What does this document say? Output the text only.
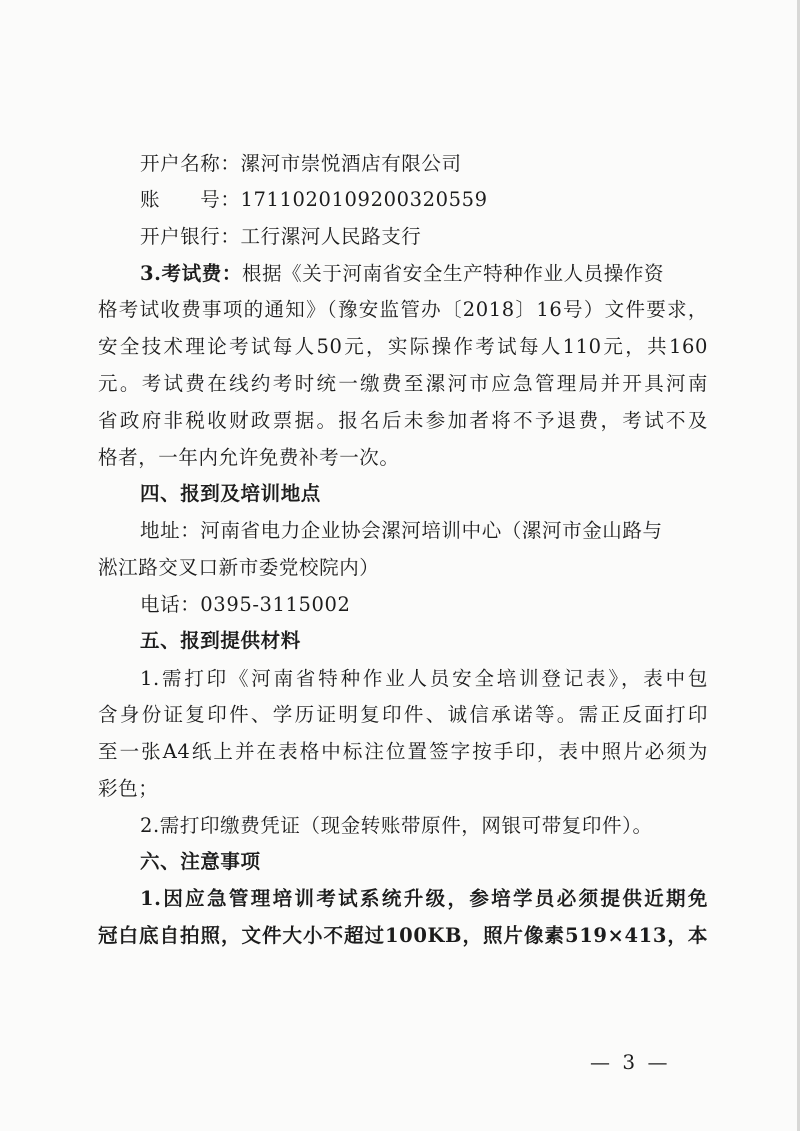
开户名称：漯河市崇悦酒店有限公司
账　　号：1711020109200320559
开户银行：工行漯河人民路支行
3.考试费：根据《关于河南省安全生产特种作业人员操作资
格考试收费事项的通知》（豫安监管办〔2018〕16号）文件要求，
安全技术理论考试每人50元，实际操作考试每人110元，共160
元。考试费在线约考时统一缴费至漯河市应急管理局并开具河南
省政府非税收财政票据。报名后未参加者将不予退费，考试不及
格者，一年内允许免费补考一次。
四、报到及培训地点
地址：河南省电力企业协会漯河培训中心（漯河市金山路与
淞江路交叉口新市委党校院内）
电话：0395-3115002
五、报到提供材料
1.需打印《河南省特种作业人员安全培训登记表》，表中包
含身份证复印件、学历证明复印件、诚信承诺等。需正反面打印
至一张A4纸上并在表格中标注位置签字按手印，表中照片必须为
彩色；
2.需打印缴费凭证（现金转账带原件，网银可带复印件）。
六、注意事项
1.因应急管理培训考试系统升级，参培学员必须提供近期免
冠白底自拍照，文件大小不超过100KB，照片像素519×413，本
— 3 —
